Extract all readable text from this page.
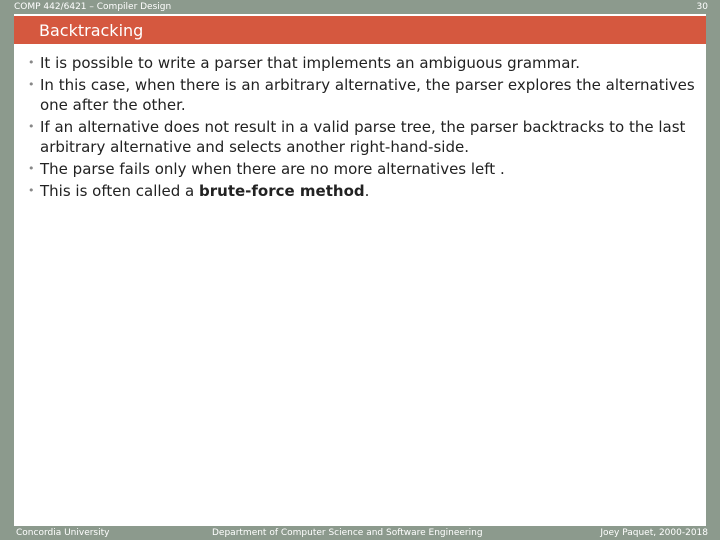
COMP 442/6421 – Compiler Design	30
Backtracking
• It is possible to write a parser that implements an ambiguous grammar.
• In this case, when there is an arbitrary alternative, the parser explores the alternatives one after the other.
• If an alternative does not result in a valid parse tree, the parser backtracks to the last arbitrary alternative and selects another right-hand-side.
• The parse fails only when there are no more alternatives left .
• This is often called a brute-force method.
Concordia University	Department of Computer Science and Software Engineering	Joey Paquet, 2000-2018
